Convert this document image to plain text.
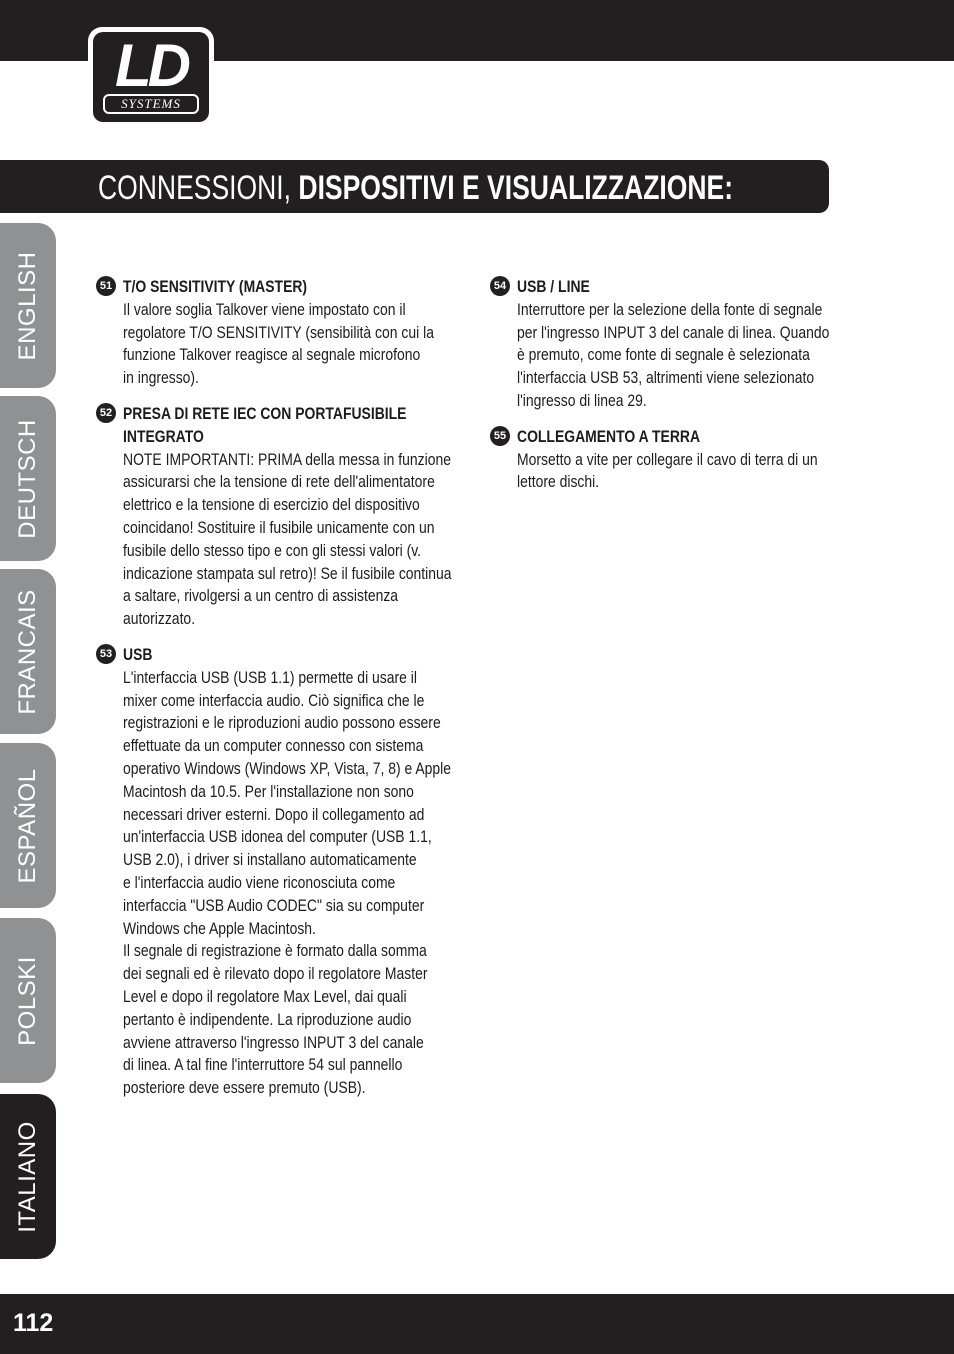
LD
SYSTEMS
CONNESSIONI, DISPOSITIVI E VISUALIZZAZIONE:
ENGLISH
DEUTSCH
FRANCAIS
ESPAÑOL
POLSKI
ITALIANO
51 T/O SENSITIVITY (MASTER)
Il valore soglia Talkover viene impostato con il
regolatore T/O SENSITIVITY (sensibilità con cui la
funzione Talkover reagisce al segnale microfono
in ingresso).
52 PRESA DI RETE IEC CON PORTAFUSIBILE
INTEGRATO
NOTE IMPORTANTI: PRIMA della messa in funzione
assicurarsi che la tensione di rete dell'alimentatore
elettrico e la tensione di esercizio del dispositivo
coincidano! Sostituire il fusibile unicamente con un
fusibile dello stesso tipo e con gli stessi valori (v.
indicazione stampata sul retro)! Se il fusibile continua
a saltare, rivolgersi a un centro di assistenza
autorizzato.
53 USB
L'interfaccia USB (USB 1.1) permette di usare il
mixer come interfaccia audio. Ciò significa che le
registrazioni e le riproduzioni audio possono essere
effettuate da un computer connesso con sistema
operativo Windows (Windows XP, Vista, 7, 8) e Apple
Macintosh da 10.5. Per l'installazione non sono
necessari driver esterni. Dopo il collegamento ad
un'interfaccia USB idonea del computer (USB 1.1,
USB 2.0), i driver si installano automaticamente
e l'interfaccia audio viene riconosciuta come
interfaccia "USB Audio CODEC" sia su computer
Windows che Apple Macintosh.
Il segnale di registrazione è formato dalla somma
dei segnali ed è rilevato dopo il regolatore Master
Level e dopo il regolatore Max Level, dai quali
pertanto è indipendente. La riproduzione audio
avviene attraverso l'ingresso INPUT 3 del canale
di linea. A tal fine l'interruttore 54 sul pannello
posteriore deve essere premuto (USB).
54 USB / LINE
Interruttore per la selezione della fonte di segnale
per l'ingresso INPUT 3 del canale di linea. Quando
è premuto, come fonte di segnale è selezionata
l'interfaccia USB 53, altrimenti viene selezionato
l'ingresso di linea 29.
55 COLLEGAMENTO A TERRA
Morsetto a vite per collegare il cavo di terra di un
lettore dischi.
112
